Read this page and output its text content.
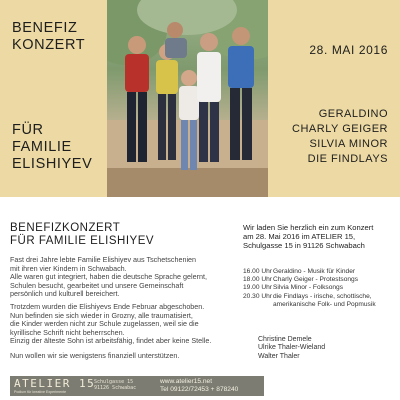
BENEFIZ
KONZERT
FÜR
FAMILIE
ELISHIYEV
28. MAI 2016
GERALDINO
CHARLY GEIGER
SILVIA MINOR
DIE FINDLAYS
BENEFIZKONZERT
FÜR FAMILIE ELISHIYEV
Fast drei Jahre lebte Familie Elishiyev aus Tschetschenien
mit ihren vier Kindern in Schwabach.
Alle waren gut integriert, haben die deutsche Sprache gelernt,
Schulen besucht, gearbeitet und unsere Gemeinschaft
persönlich und kulturell bereichert.
Trotzdem wurden die Elishiyevs Ende Februar abgeschoben.
Nun befinden sie sich wieder in Grozny, alle traumatisiert,
die Kinder werden nicht zur Schule zugelassen, weil sie die
kyrillische Schrift nicht beherrschen.
Einzig der älteste Sohn ist arbeitsfähig, findet aber keine Stelle.
Nun wollen wir sie wenigstens finanziell unterstützen.
Wir laden Sie herzlich ein zum Konzert
am 28. Mai 2016 im ATELIER 15,
Schulgasse 15 in 91126 Schwabach
16.00 Uhr Geraldino - Musik für Kinder
18.00 Uhr Charly Geiger - Protestsongs
19.00 Uhr Silvia Minor - Folksongs
20.30 Uhr die Findlays - irische, schottische,
amerikanische Folk- und Popmusik
Christine Demele
Ulrike Thaler-Wieland
Walter Thaler
ATELIER 15
Podium für kreative Experimente
Schulgasse 15
91126 Schwabac
www.atelier15.net
Tel 09122/72453 + 878240
